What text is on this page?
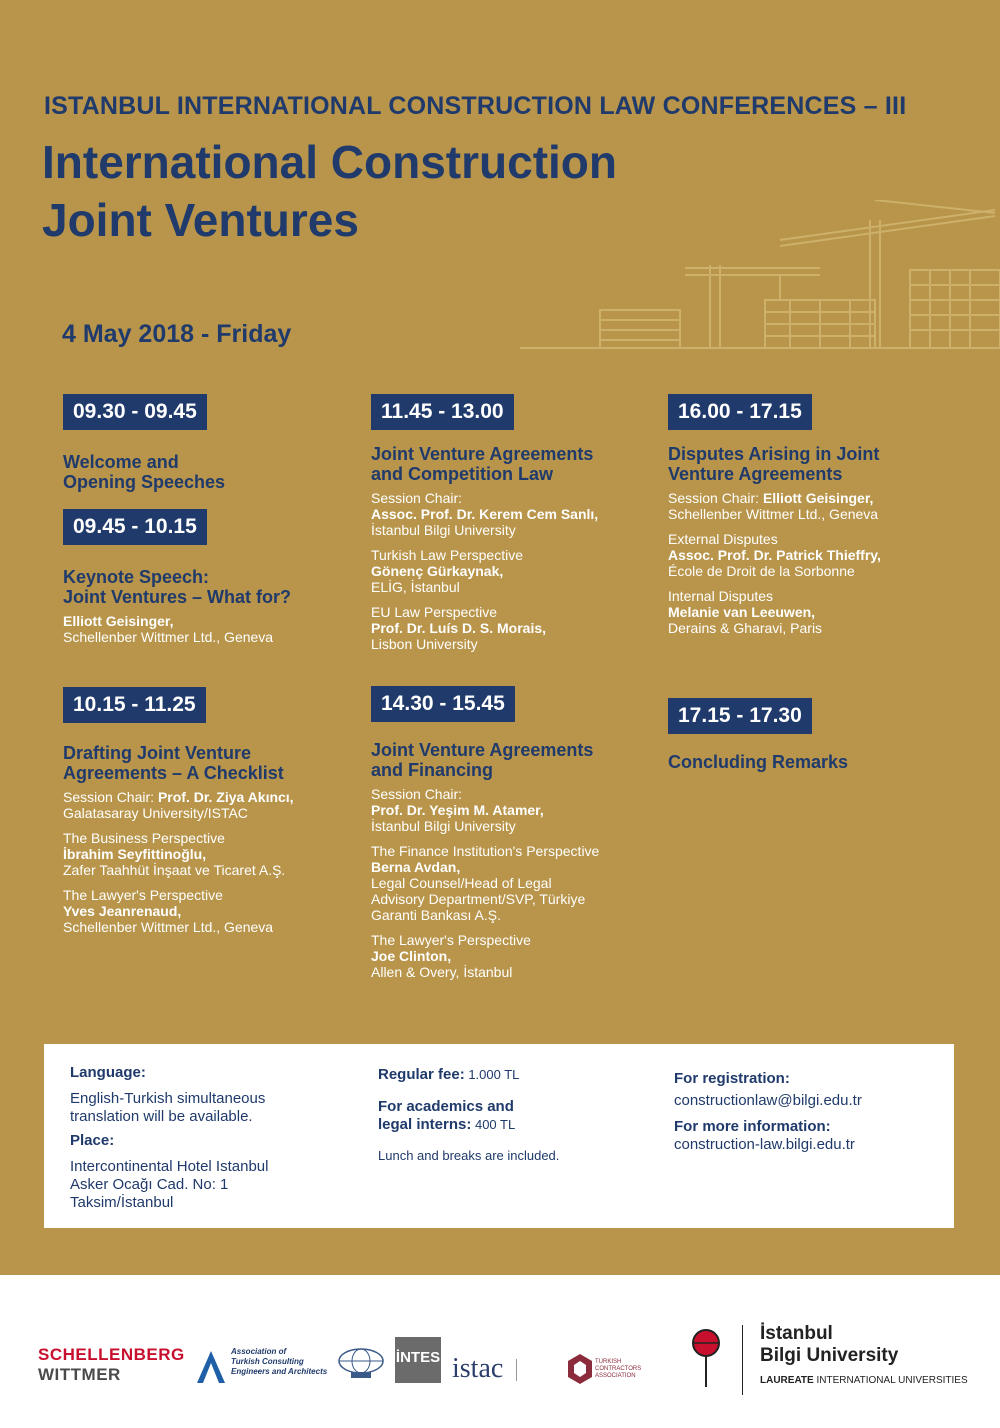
ISTANBUL INTERNATIONAL CONSTRUCTION LAW CONFERENCES – III
International Construction
Joint Ventures
4 May 2018 - Friday
09.30 - 09.45
Welcome and
Opening Speeches
09.45 - 10.15
Keynote Speech:
Joint Ventures – What for?
Elliott Geisinger,
Schellenber Wittmer Ltd., Geneva
10.15 - 11.25
Drafting Joint Venture
Agreements – A Checklist
Session Chair: Prof. Dr. Ziya Akıncı,
Galatasaray University/ISTAC
The Business Perspective
İbrahim Seyfittinoğlu,
Zafer Taahhüt İnşaat ve Ticaret A.Ş.
The Lawyer's Perspective
Yves Jeanrenaud,
Schellenber Wittmer Ltd., Geneva
11.45 - 13.00
Joint Venture Agreements
and Competition Law
Session Chair:
Assoc. Prof. Dr. Kerem Cem Sanlı,
İstanbul Bilgi University
Turkish Law Perspective
Gönenç Gürkaynak,
ELİG, İstanbul
EU Law Perspective
Prof. Dr. Luís D. S. Morais,
Lisbon University
14.30 - 15.45
Joint Venture Agreements
and Financing
Session Chair:
Prof. Dr. Yeşim M. Atamer,
İstanbul Bilgi University
The Finance Institution's Perspective
Berna Avdan,
Legal Counsel/Head of Legal
Advisory Department/SVP, Türkiye
Garanti Bankası A.Ş.
The Lawyer's Perspective
Joe Clinton,
Allen & Overy, İstanbul
16.00 - 17.15
Disputes Arising in Joint
Venture Agreements
Session Chair: Elliott Geisinger,
Schellenber Wittmer Ltd., Geneva
External Disputes
Assoc. Prof. Dr. Patrick Thieffry,
École de Droit de la Sorbonne
Internal Disputes
Melanie van Leeuwen,
Derains & Gharavi, Paris
17.15 - 17.30
Concluding Remarks
Language:
English-Turkish simultaneous
translation will be available.
Place:
Intercontinental Hotel Istanbul
Asker Ocağı Cad. No: 1
Taksim/İstanbul
Regular fee: 1.000 TL
For academics and
legal interns: 400 TL
Lunch and breaks are included.
For registration:
constructionlaw@bilgi.edu.tr
For more information:
construction-law.bilgi.edu.tr
SCHELLENBERG
WITTMER
Association of
Turkish Consulting
Engineers and Architects
İNTES istac	TURKISH
CONTRACTORS
ASSOCIATION
İstanbul
Bilgi University
LAUREATE INTERNATIONAL UNIVERSITIES
